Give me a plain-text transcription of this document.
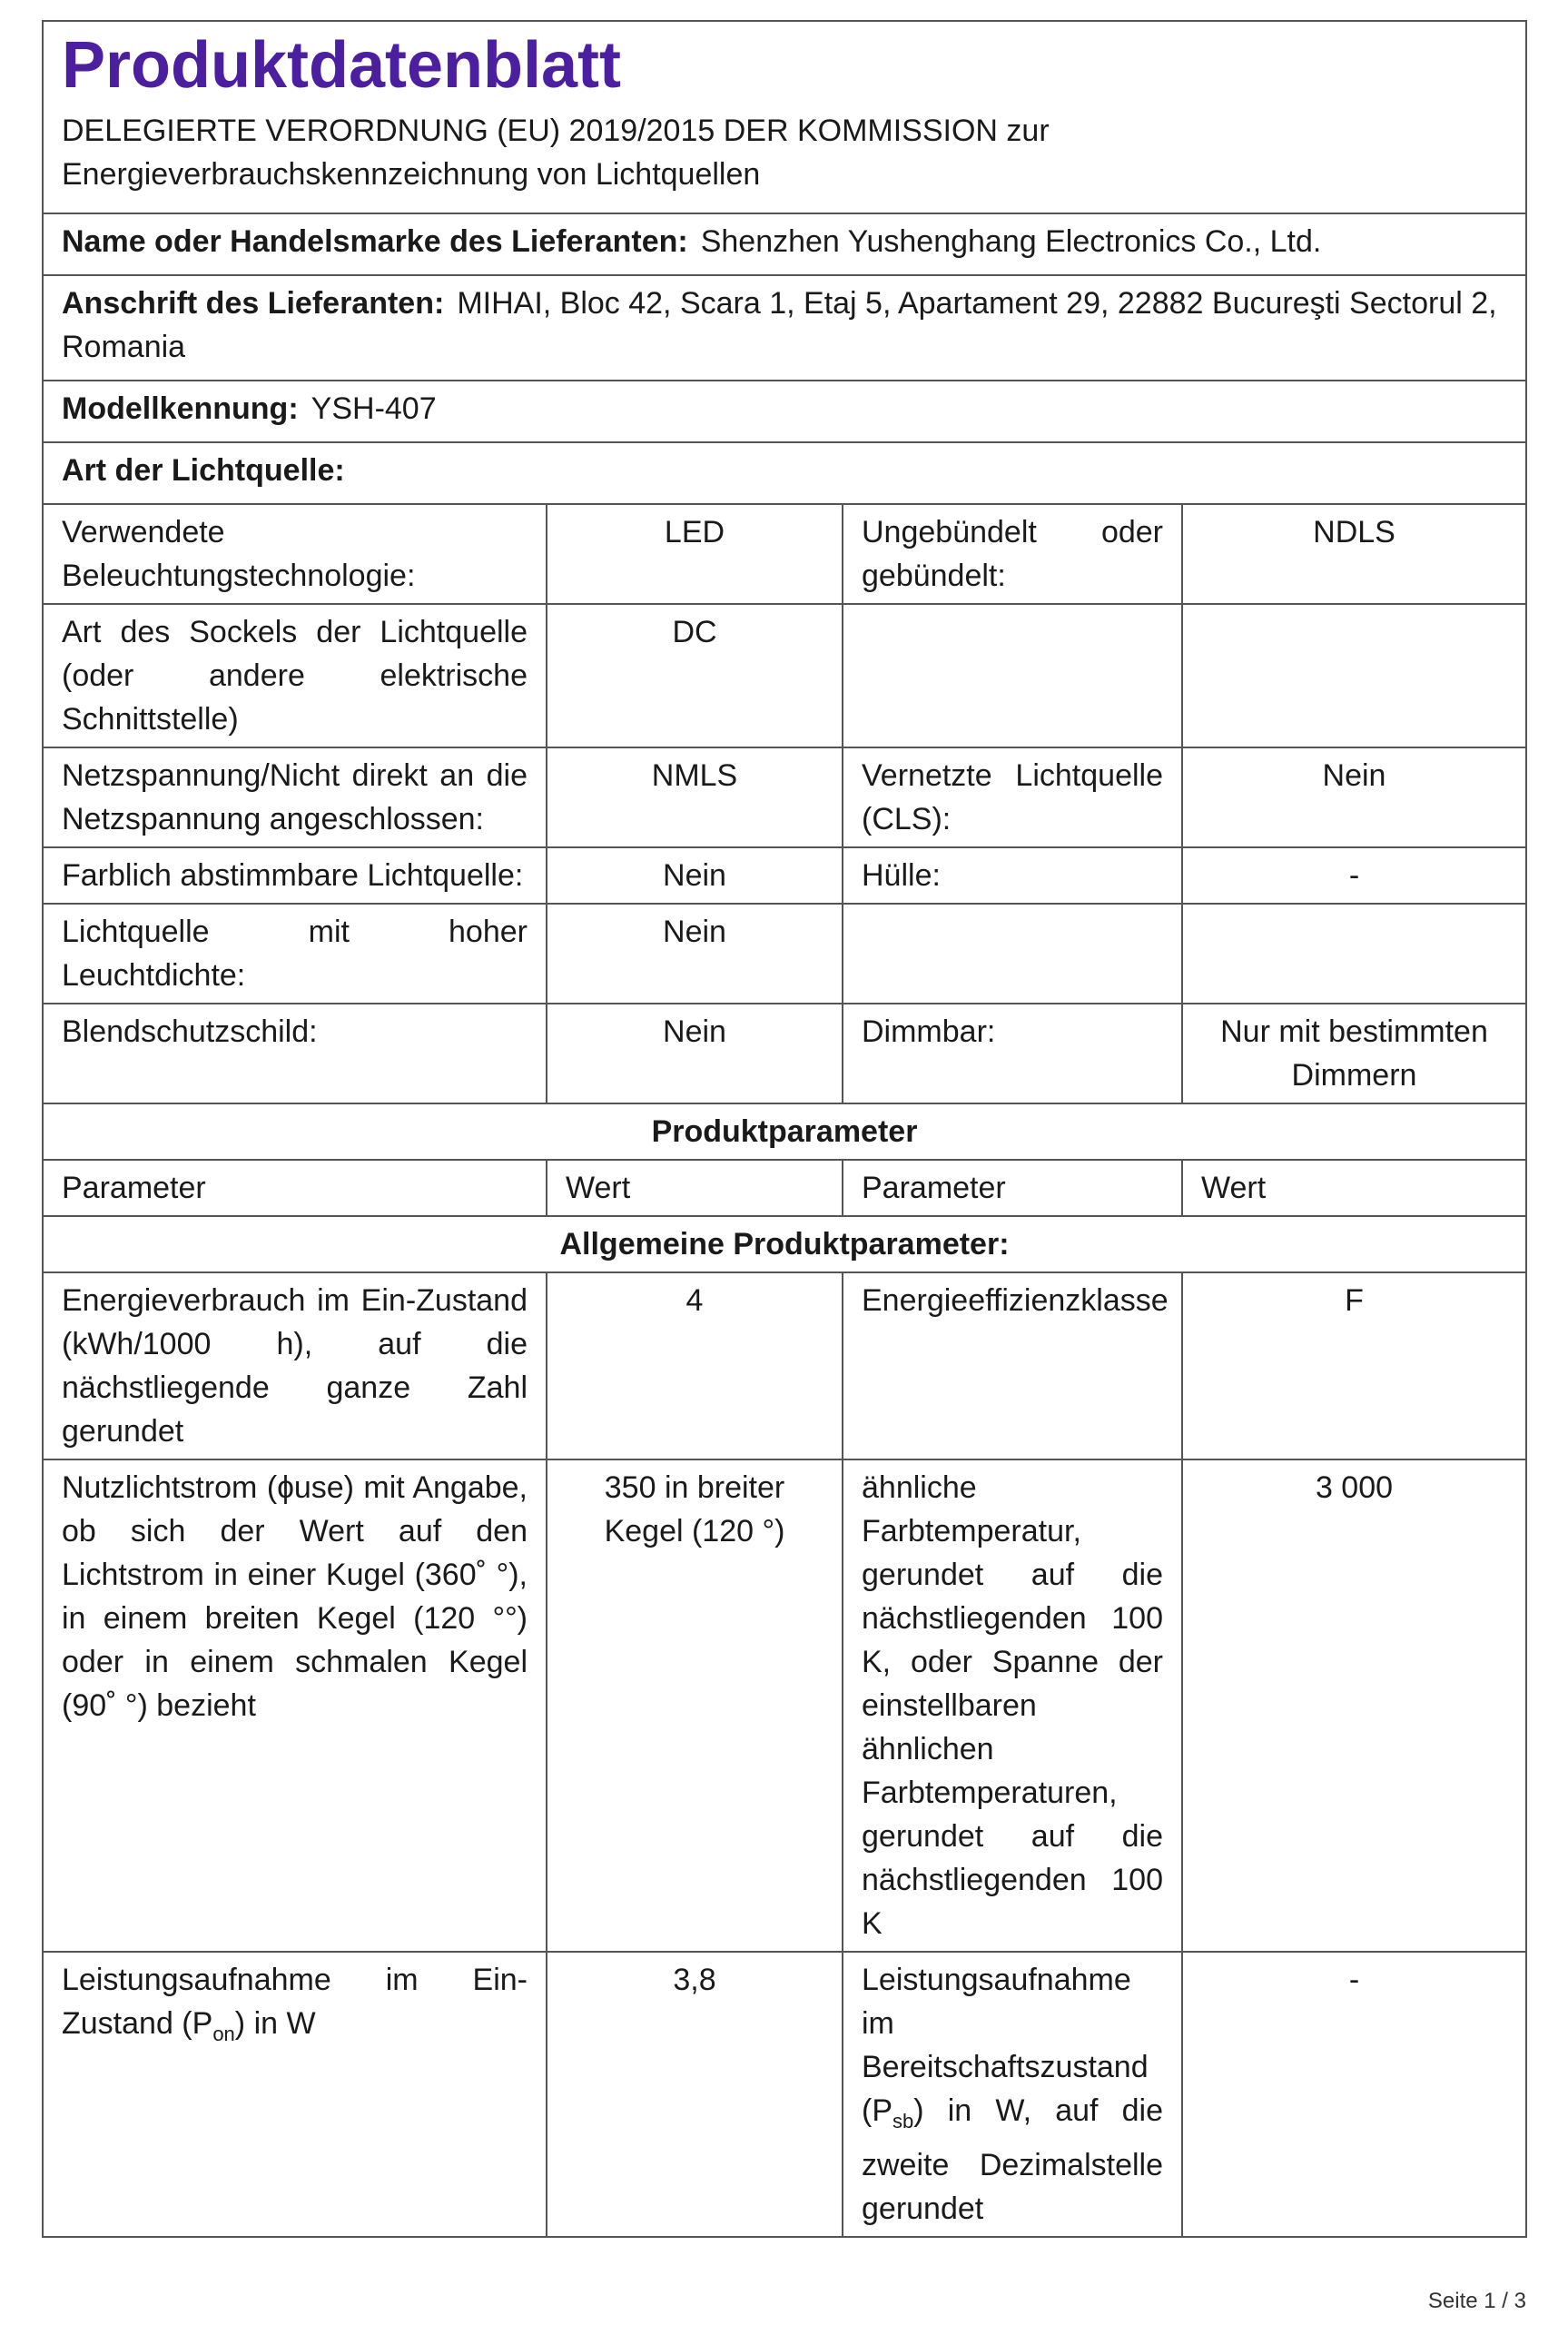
Produktdatenblatt
DELEGIERTE VERORDNUNG (EU) 2019/2015 DER KOMMISSION zur Energieverbrauchskennzeichnung von Lichtquellen
Name oder Handelsmarke des Lieferanten: Shenzhen Yushenghang Electronics Co., Ltd.
Anschrift des Lieferanten: MIHAI, Bloc 42, Scara 1, Etaj 5, Apartament 29, 22882 Bucureşti Sectorul 2, Romania
Modellkennung: YSH-407
Art der Lichtquelle:
Verwendete Beleuchtungstechnologie:	LED	Ungebündelt oder gebündelt:	NDLS
Art des Sockels der Lichtquelle (oder andere elektrische Schnittstelle)	DC		
Netzspannung/Nicht direkt an die Netzspannung angeschlossen:	NMLS	Vernetzte Lichtquelle (CLS):	Nein
Farblich abstimmbare Lichtquelle:	Nein	Hülle:	-
Lichtquelle mit hoher Leuchtdichte:	Nein		
Blendschutzschild:	Nein	Dimmbar:	Nur mit bestimmten Dimmern
Produktparameter			
Parameter	Wert	Parameter	Wert
Allgemeine Produktparameter:			
Energieverbrauch im Ein-Zustand (kWh/1000 h), auf die nächstliegende ganze Zahl gerundet	4	Energieeffizienzklasse	F
Nutzlichtstrom (ɸuse) mit Angabe, ob sich der Wert auf den Lichtstrom in einer Kugel (360˚ °), in einem breiten Kegel (120 °°) oder in einem schmalen Kegel (90˚ °) bezieht	350 in breiter Kegel (120 °)	ähnliche Farbtemperatur, gerundet auf die nächstliegenden 100 K, oder Spanne der einstellbaren ähnlichen Farbtemperaturen, gerundet auf die nächstliegenden 100 K	3 000
Leistungsaufnahme im Ein-Zustand $(P_{on})$ in W	3,8	Leistungsaufnahme im Bereitschaftszustand $(P_{sb})$ in W, auf die zweite Dezimalstelle gerundet	-
Seite 1 / 3
